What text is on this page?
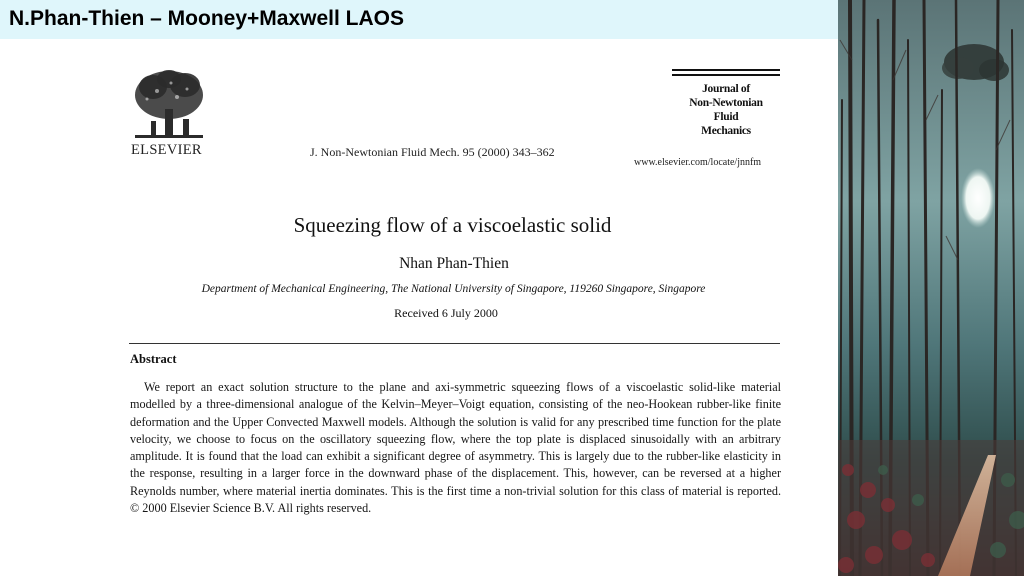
N.Phan-Thien – Mooney+Maxwell LAOS
ELSEVIER	J. Non-Newtonian Fluid Mech. 95 (2000) 343–362
Journal of
Non-Newtonian
Fluid
Mechanics
www.elsevier.com/locate/jnnfm
Squeezing flow of a viscoelastic solid
Nhan Phan-Thien
Department of Mechanical Engineering, The National University of Singapore, 119260 Singapore, Singapore
Received 6 July 2000
Abstract
We report an exact solution structure to the plane and axi-symmetric squeezing flows of a viscoelastic solid-like material modelled by a three-dimensional analogue of the Kelvin–Meyer–Voigt equation, consisting of the neo-Hookean rubber-like finite deformation and the Upper Convected Maxwell models. Although the solution is valid for any prescribed time function for the plate velocity, we choose to focus on the oscillatory squeezing flow, where the top plate is displaced sinusoidally with an arbitrary amplitude. It is found that the load can exhibit a significant degree of asymmetry. This is largely due to the rubber-like elasticity in the response, resulting in a larger force in the downward phase of the displacement. This, however, can be reversed at a higher Reynolds number, where material inertia dominates. This is the first time a non-trivial solution for this class of material is reported. © 2000 Elsevier Science B.V. All rights reserved.
